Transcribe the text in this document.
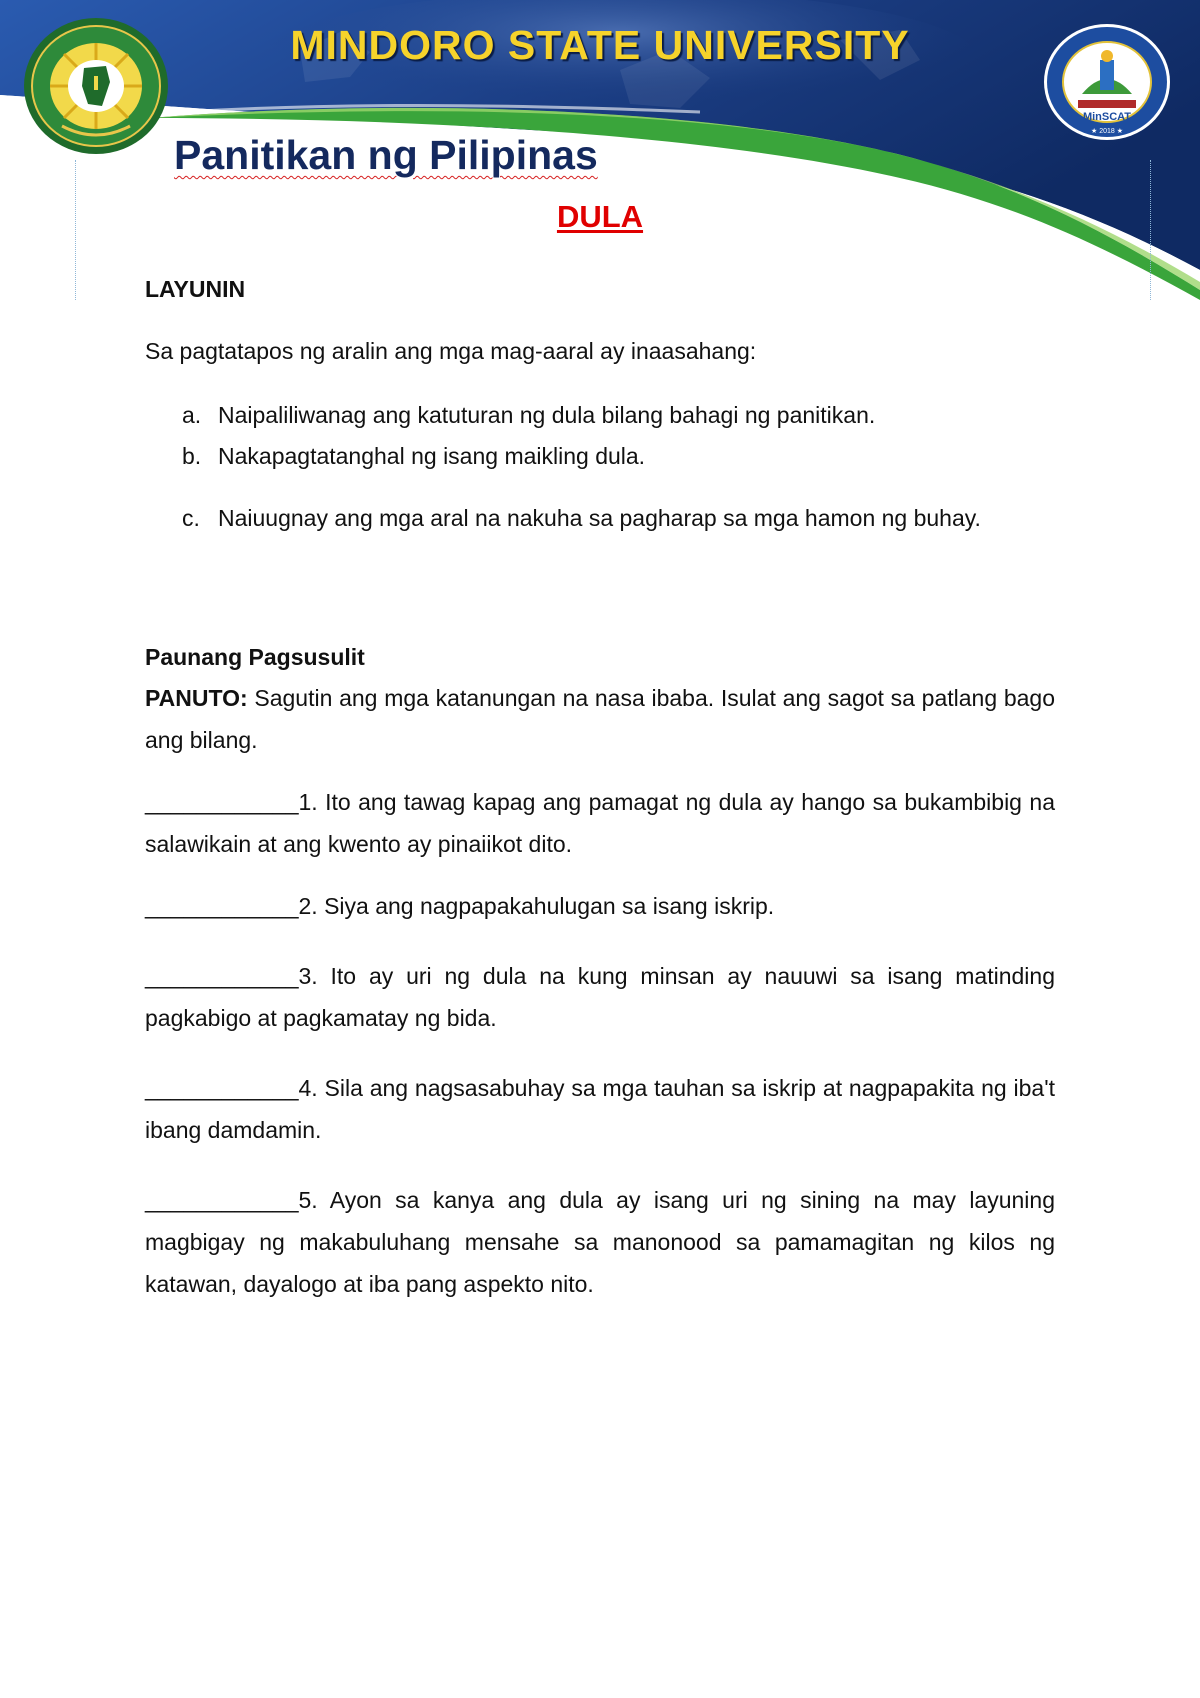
MinSCAT
★ 2018 ★
MINDORO STATE UNIVERSITY
Panitikan ng Pilipinas
DULA
LAYUNIN
Sa pagtatapos ng aralin ang mga mag-aaral ay inaasahang:
a. Naipaliliwanag ang katuturan ng dula bilang bahagi ng panitikan.
b. Nakapagtatanghal ng isang maikling dula.
c. Naiuugnay ang mga aral na nakuha sa pagharap sa mga hamon ng buhay.
Paunang Pagsusulit
PANUTO: Sagutin ang mga katanungan na nasa ibaba. Isulat ang sagot sa patlang bago ang bilang.
____________1. Ito ang tawag kapag ang pamagat ng dula ay hango sa bukambibig na salawikain at ang kwento ay pinaiikot dito.
____________2. Siya ang nagpapakahulugan sa isang iskrip.
____________3. Ito ay uri ng dula na kung minsan ay nauuwi sa isang matinding pagkabigo at pagkamatay ng bida.
____________4. Sila ang nagsasabuhay sa mga tauhan sa iskrip at nagpapakita ng iba't ibang damdamin.
____________5. Ayon sa kanya ang dula ay isang uri ng sining na may layuning magbigay ng makabuluhang mensahe sa manonood sa pamamagitan ng kilos ng katawan, dayalogo at iba pang aspekto nito.
